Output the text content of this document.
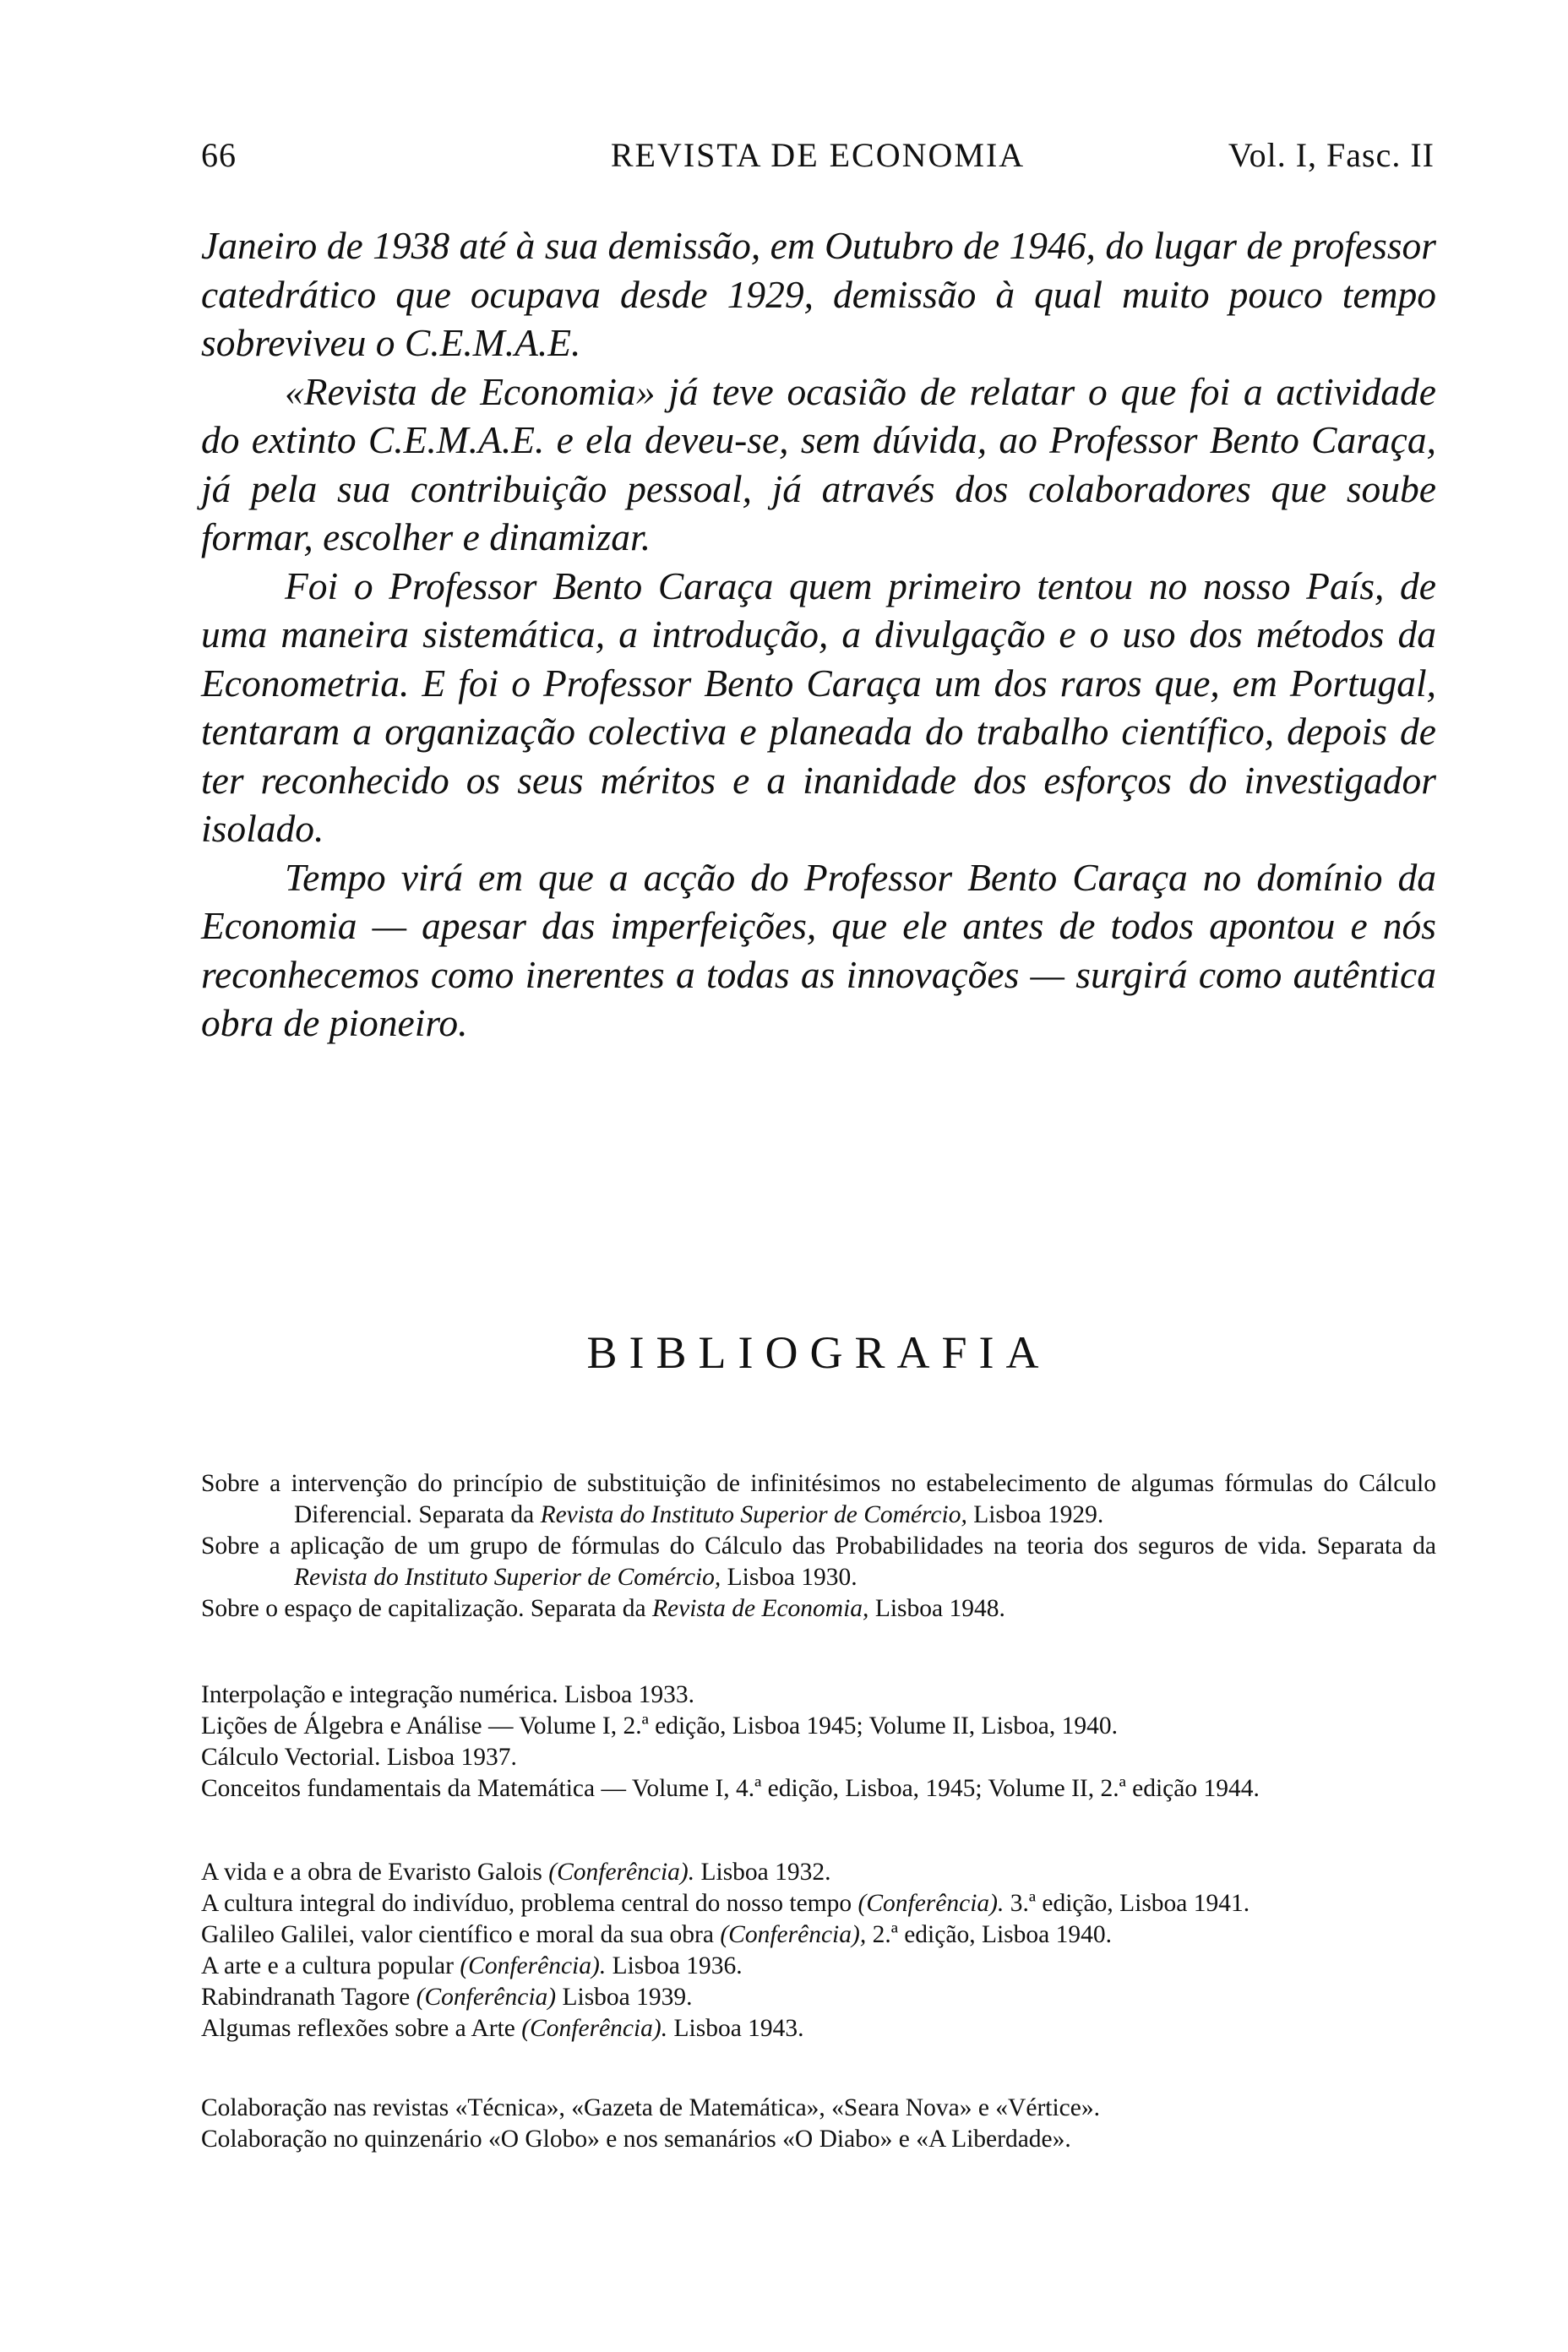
66	REVISTA DE ECONOMIA	Vol. I, Fasc. II

Janeiro de 1938 até à sua demissão, em Outubro de 1946, do lugar de professor catedrático que ocupava desde 1929, demissão à qual muito pouco tempo sobreviveu o C.E.M.A.E.

«Revista de Economia» já teve ocasião de relatar o que foi a actividade do extinto C.E.M.A.E. e ela deveu-se, sem dúvida, ao Professor Bento Caraça, já pela sua contribuição pessoal, já através dos colaboradores que soube formar, escolher e dinamizar.

Foi o Professor Bento Caraça quem primeiro tentou no nosso País, de uma maneira sistemática, a introdução, a divulgação e o uso dos métodos da Econometria. E foi o Professor Bento Caraça um dos raros que, em Portugal, tentaram a organização colectiva e planeada do trabalho científico, depois de ter reconhecido os seus méritos e a inanidade dos esforços do investigador isolado.

Tempo virá em que a acção do Professor Bento Caraça no domínio da Economia — apesar das imperfeições, que ele antes de todos apontou e nós reconhecemos como inerentes a todas as innovações — surgirá como autêntica obra de pioneiro.

BIBLIOGRAFIA
Sobre a intervenção do princípio de substituição de infinitésimos no estabelecimento de algumas fórmulas do Cálculo Diferencial. Separata da Revista do Instituto Superior de Comércio, Lisboa 1929.
Sobre a aplicação de um grupo de fórmulas do Cálculo das Probabilidades na teoria dos seguros de vida. Separata da Revista do Instituto Superior de Comércio, Lisboa 1930.
Sobre o espaço de capitalização. Separata da Revista de Economia, Lisboa 1948.
Interpolação e integração numérica. Lisboa 1933.
Lições de Álgebra e Análise — Volume I, 2.ª edição, Lisboa 1945; Volume II, Lisboa, 1940.
Cálculo Vectorial. Lisboa 1937.
Conceitos fundamentais da Matemática — Volume I, 4.ª edição, Lisboa, 1945; Volume II, 2.ª edição 1944.
A vida e a obra de Evaristo Galois (Conferência). Lisboa 1932.
A cultura integral do indivíduo, problema central do nosso tempo (Conferência). 3.ª edição, Lisboa 1941.
Galileo Galilei, valor científico e moral da sua obra (Conferência), 2.ª edição, Lisboa 1940.
A arte e a cultura popular (Conferência). Lisboa 1936.
Rabindranath Tagore (Conferência) Lisboa 1939.
Algumas reflexões sobre a Arte (Conferência). Lisboa 1943.
Colaboração nas revistas «Técnica», «Gazeta de Matemática», «Seara Nova» e «Vértice».
Colaboração no quinzenário «O Globo» e nos semanários «O Diabo» e «A Liberdade».
